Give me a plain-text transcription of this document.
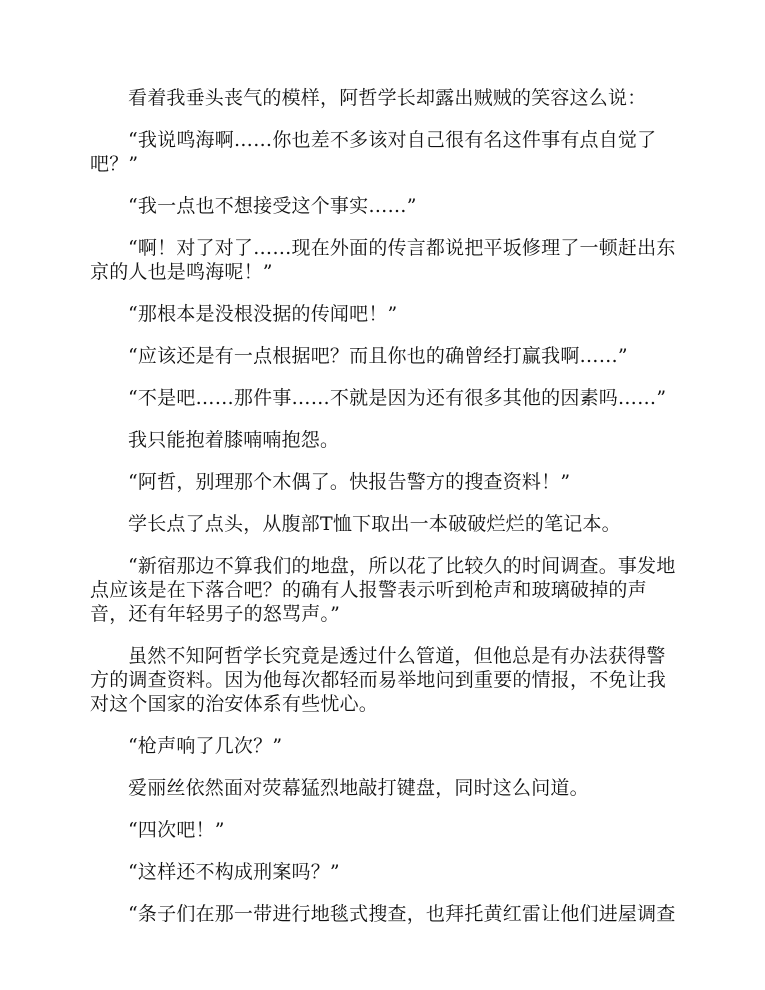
看着我垂头丧气的模样，阿哲学长却露出贼贼的笑容这么说：

“我说鸣海啊……你也差不多该对自己很有名这件事有点自觉了吧？”

“我一点也不想接受这个事实……”

“啊！对了对了……现在外面的传言都说把平坂修理了一顿赶出东京的人也是鸣海呢！”

“那根本是没根没据的传闻吧！”

“应该还是有一点根据吧？而且你也的确曾经打赢我啊……”

“不是吧……那件事……不就是因为还有很多其他的因素吗……”

我只能抱着膝喃喃抱怨。

“阿哲，别理那个木偶了。快报告警方的搜查资料！”

学长点了点头，从腹部T恤下取出一本破破烂烂的笔记本。

“新宿那边不算我们的地盘，所以花了比较久的时间调查。事发地点应该是在下落合吧？的确有人报警表示听到枪声和玻璃破掉的声音，还有年轻男子的怒骂声。”

虽然不知阿哲学长究竟是透过什么管道，但他总是有办法获得警方的调查资料。因为他每次都轻而易举地问到重要的情报，不免让我对这个国家的治安体系有些忧心。

“枪声响了几次？”

爱丽丝依然面对荧幕猛烈地敲打键盘，同时这么问道。

“四次吧！”

“这样还不构成刑案吗？”

“条子们在那一带进行地毯式搜查，也拜托黄红雷让他们进屋调查
